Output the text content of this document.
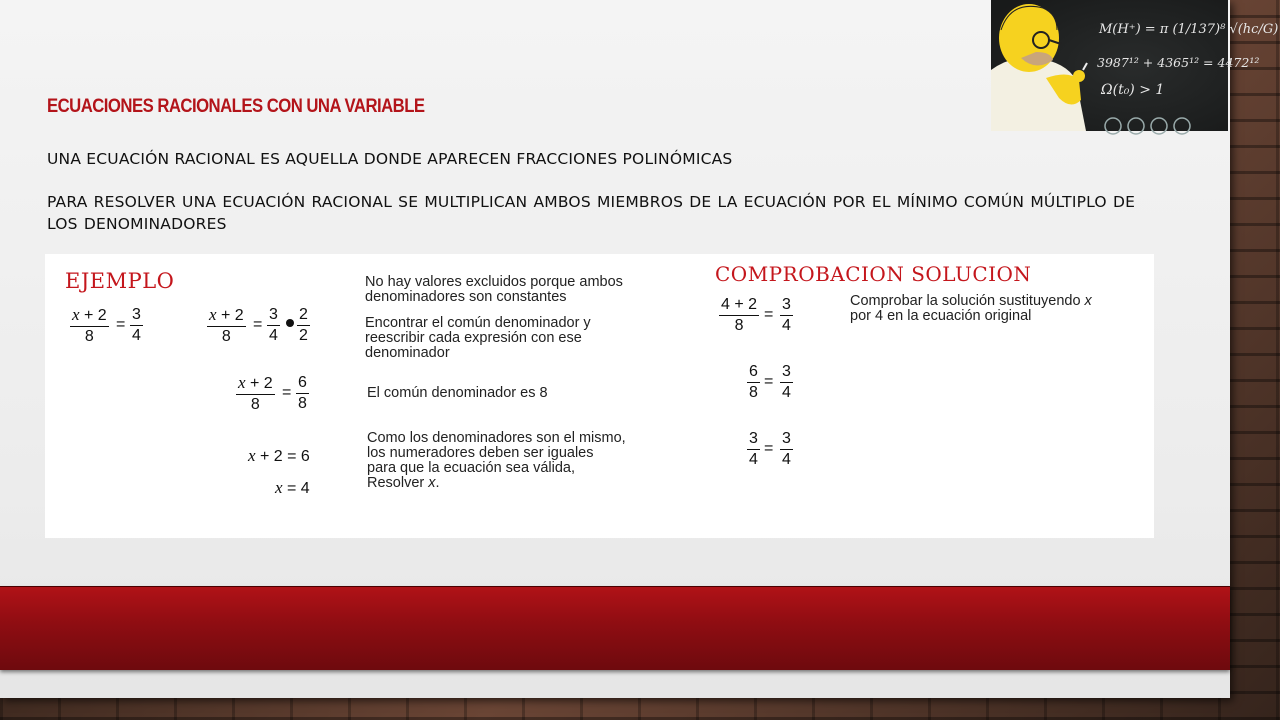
ECUACIONES RACIONALES CON UNA VARIABLE
UNA ECUACIÓN RACIONAL ES AQUELLA DONDE APARECEN FRACCIONES POLINÓMICAS
PARA RESOLVER UNA ECUACIÓN RACIONAL SE MULTIPLICAN AMBOS MIEMBROS DE LA ECUACIÓN POR EL MÍNIMO COMÚN MÚLTIPLO DE LOS DENOMINADORES
M(H⁺) = π (1/137)⁸ √(hc/G)
3987¹² + 4365¹² = 4472¹²
Ω(t₀) > 1
EJEMPLO	COMPROBACION SOLUCION
$\frac{x + 2}{8} = \frac{3}{4}$	$\frac{x + 2}{8} = \frac{3}{4} \frac{2}{2}$
$\frac{x + 2}{8} = \frac{6}{8}$
x + 2 = 6
x = 4
No hay valores excluidos porque ambos
denominadores son constantes
Encontrar el común denominador y
reescribir cada expresión con ese
denominador
El común denominador es 8
Como los denominadores son el mismo,
los numeradores deben ser iguales
para que la ecuación sea válida,
Resolver x.
$\frac{4 + 2}{8} = \frac{3}{4}$
$\frac{6}{8} = \frac{3}{4}$
$\frac{3}{4} = \frac{3}{4}$
Comprobar la solución sustituyendo x
por 4 en la ecuación original
